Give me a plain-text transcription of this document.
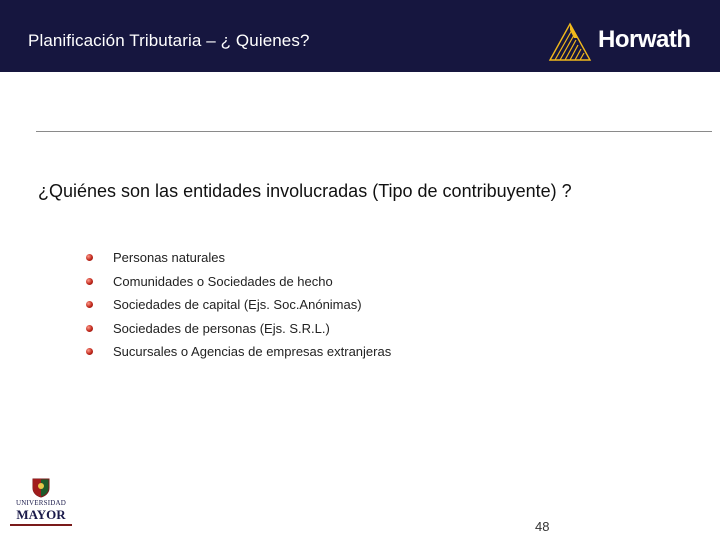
Planificación Tributaria – ¿ Quienes?	Horwath
¿Quiénes son las entidades involucradas (Tipo de contribuyente) ?
Personas naturales
Comunidades o Sociedades de hecho
Sociedades de capital (Ejs. Soc.Anónimas)
Sociedades de personas (Ejs. S.R.L.)
Sucursales o Agencias de empresas extranjeras
UNIVERSIDAD
MAYOR
48
